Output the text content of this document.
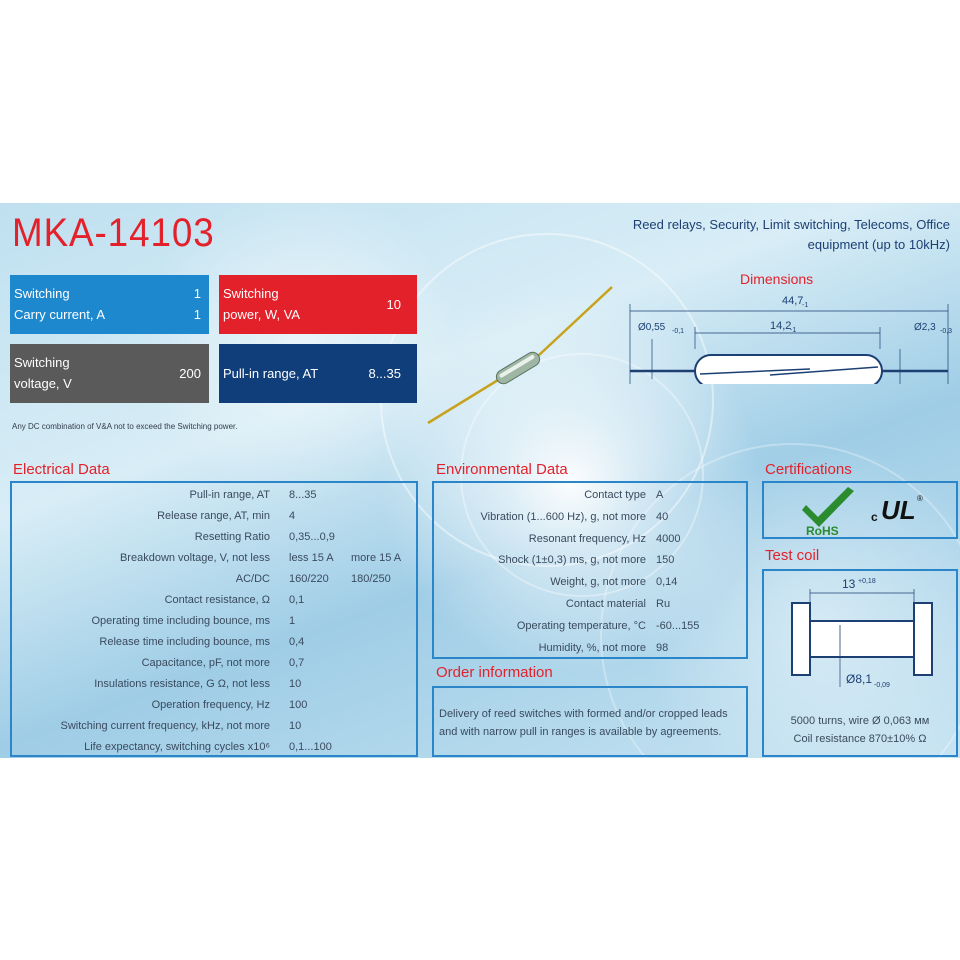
MKA-14103	Reed relays, Security, Limit switching, Telecoms, Office equipment (up to 10kHz)
Switching
Carry current, A
1
1
Switching
power, W, VA
10
Switching
voltage, V
200 Pull-in range, AT	8...35
Any DC combination of V&A not to exceed the Switching power.
Dimensions
44,7
-1
14,2
-1
Ø0,55 -0,1	Ø2,3 -0,3
Electrical Data
Pull-in range, AT 8...35
Release range, AT, min 4
Resetting Ratio 0,35...0,9
Breakdown voltage, V, not less less 15 A more 15 A
AC/DC 160/220 180/250
Contact resistance, Ω 0,1
Operating time including bounce, ms 1
Release time including bounce, ms 0,4
Capacitance, pF, not more 0,7
Insulations resistance, G Ω, not less 10
Operation frequency, Hz 100
Switching current frequency, kHz, not more 10
Life expectancy, switching cycles x10⁶ 0,1...100
Environmental Data
Contact type A
Vibration (1...600 Hz), g, not more 40
Resonant frequency, Hz 4000
Shock (1±0,3) ms, g, not more 150
Weight, g, not more 0,14
Contact material Ru
Operating temperature, °C -60...155
Humidity, %, not more 98
Order information
Delivery of reed switches with formed and/or cropped leads and with narrow pull in ranges is available by agreements.
Certifications
RoHS
c UL ®
Test coil
13 +0,18
Ø8,1 -0,09
5000 turns, wire Ø 0,063 мм
Coil resistance 870±10% Ω
